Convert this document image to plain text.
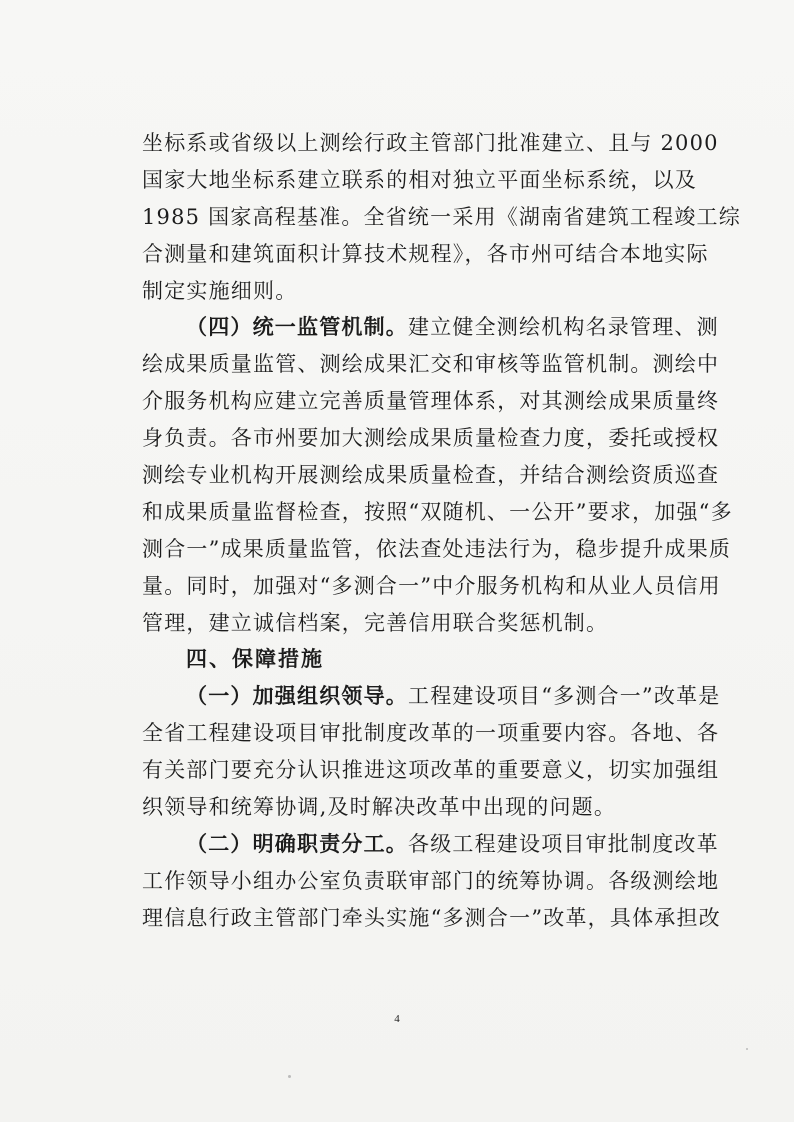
坐标系或省级以上测绘行政主管部门批准建立、且与 2000
国家大地坐标系建立联系的相对独立平面坐标系统，以及
1985 国家高程基准。全省统一采用《湖南省建筑工程竣工综
合测量和建筑面积计算技术规程》，各市州可结合本地实际
制定实施细则。
（四）统一监管机制。建立健全测绘机构名录管理、测
绘成果质量监管、测绘成果汇交和审核等监管机制。测绘中
介服务机构应建立完善质量管理体系，对其测绘成果质量终
身负责。各市州要加大测绘成果质量检查力度，委托或授权
测绘专业机构开展测绘成果质量检查，并结合测绘资质巡查
和成果质量监督检查，按照“双随机、一公开”要求，加强“多
测合一”成果质量监管，依法查处违法行为，稳步提升成果质
量。同时，加强对“多测合一”中介服务机构和从业人员信用
管理，建立诚信档案，完善信用联合奖惩机制。
四、保障措施
（一）加强组织领导。工程建设项目“多测合一”改革是
全省工程建设项目审批制度改革的一项重要内容。各地、各
有关部门要充分认识推进这项改革的重要意义，切实加强组
织领导和统筹协调,及时解决改革中出现的问题。
（二）明确职责分工。各级工程建设项目审批制度改革
工作领导小组办公室负责联审部门的统筹协调。各级测绘地
理信息行政主管部门牵头实施“多测合一”改革，具体承担改
4
